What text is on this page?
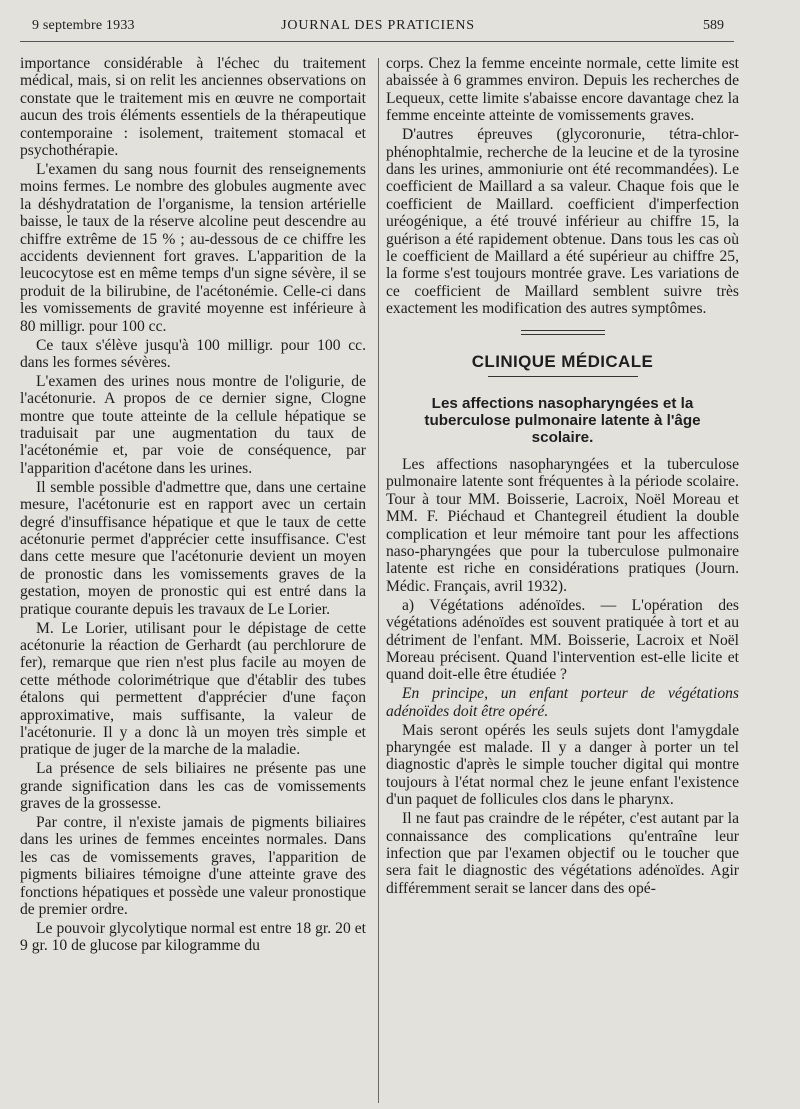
9 septembre 1933	JOURNAL DES PRATICIENS	589

importance considérable à l'échec du traitement médical, mais, si on relit les anciennes observations on constate que le traitement mis en œuvre ne comportait aucun des trois éléments essentiels de la thérapeutique contemporaine : isolement, traitement stomacal et psychothérapie.

L'examen du sang nous fournit des renseignements moins fermes. Le nombre des globules augmente avec la déshydratation de l'organisme, la tension artérielle baisse, le taux de la réserve alcoline peut descendre au chiffre extrême de 15 % ; au-dessous de ce chiffre les accidents deviennent fort graves. L'apparition de la leucocytose est en même temps d'un signe sévère, il se produit de la bilirubine, de l'acétonémie. Celle-ci dans les vomissements de gravité moyenne est inférieure à 80 milligr. pour 100 cc.

Ce taux s'élève jusqu'à 100 milligr. pour 100 cc. dans les formes sévères.

L'examen des urines nous montre de l'oligurie, de l'acétonurie. A propos de ce dernier signe, Clogne montre que toute atteinte de la cellule hépatique se traduisait par une augmentation du taux de l'acétonémie et, par voie de conséquence, par l'apparition d'acétone dans les urines.

Il semble possible d'admettre que, dans une certaine mesure, l'acétonurie est en rapport avec un certain degré d'insuffisance hépatique et que le taux de cette acétonurie permet d'apprécier cette insuffisance. C'est dans cette mesure que l'acétonurie devient un moyen de pronostic dans les vomissements graves de la gestation, moyen de pronostic qui est entré dans la pratique courante depuis les travaux de Le Lorier.

M. Le Lorier, utilisant pour le dépistage de cette acétonurie la réaction de Gerhardt (au perchlorure de fer), remarque que rien n'est plus facile au moyen de cette méthode colorimétrique que d'établir des tubes étalons qui permettent d'apprécier d'une façon approximative, mais suffisante, la valeur de l'acétonurie. Il y a donc là un moyen très simple et pratique de juger de la marche de la maladie.

La présence de sels biliaires ne présente pas une grande signification dans les cas de vomissements graves de la grossesse.

Par contre, il n'existe jamais de pigments biliaires dans les urines de femmes enceintes normales. Dans les cas de vomissements graves, l'apparition de pigments biliaires témoigne d'une atteinte grave des fonctions hépatiques et possède une valeur pronostique de premier ordre.

Le pouvoir glycolytique normal est entre 18 gr. 20 et 9 gr. 10 de glucose par kilogramme du

corps. Chez la femme enceinte normale, cette limite est abaissée à 6 grammes environ. Depuis les recherches de Lequeux, cette limite s'abaisse encore davantage chez la femme enceinte atteinte de vomissements graves.

D'autres épreuves (glycoronurie, tétra-chlor-phénophtalmie, recherche de la leucine et de la tyrosine dans les urines, ammoniurie ont été recommandées). Le coefficient de Maillard a sa valeur. Chaque fois que le coefficient de Maillard. coefficient d'imperfection uréogénique, a été trouvé inférieur au chiffre 15, la guérison a été rapidement obtenue. Dans tous les cas où le coefficient de Maillard a été supérieur au chiffre 25, la forme s'est toujours montrée grave. Les variations de ce coefficient de Maillard semblent suivre très exactement les modification des autres symptômes.

CLINIQUE MÉDICALE
Les affections nasopharyngées et la tuberculose pulmonaire latente à l'âge scolaire.

Les affections nasopharyngées et la tuberculose pulmonaire latente sont fréquentes à la période scolaire. Tour à tour MM. Boisserie, Lacroix, Noël Moreau et MM. F. Piéchaud et Chantegreil étudient la double complication et leur mémoire tant pour les affections naso-pharyngées que pour la tuberculose pulmonaire latente est riche en considérations pratiques (Journ. Médic. Français, avril 1932).

a) Végétations adénoïdes. — L'opération des végétations adénoïdes est souvent pratiquée à tort et au détriment de l'enfant. MM. Boisserie, Lacroix et Noël Moreau précisent. Quand l'intervention est-elle licite et quand doit-elle être étudiée ?

En principe, un enfant porteur de végétations adénoïdes doit être opéré.

Mais seront opérés les seuls sujets dont l'amygdale pharyngée est malade. Il y a danger à porter un tel diagnostic d'après le simple toucher digital qui montre toujours à l'état normal chez le jeune enfant l'existence d'un paquet de follicules clos dans le pharynx.

Il ne faut pas craindre de le répéter, c'est autant par la connaissance des complications qu'entraîne leur infection que par l'examen objectif ou le toucher que sera fait le diagnostic des végétations adénoïdes. Agir différemment serait se lancer dans des opé-
